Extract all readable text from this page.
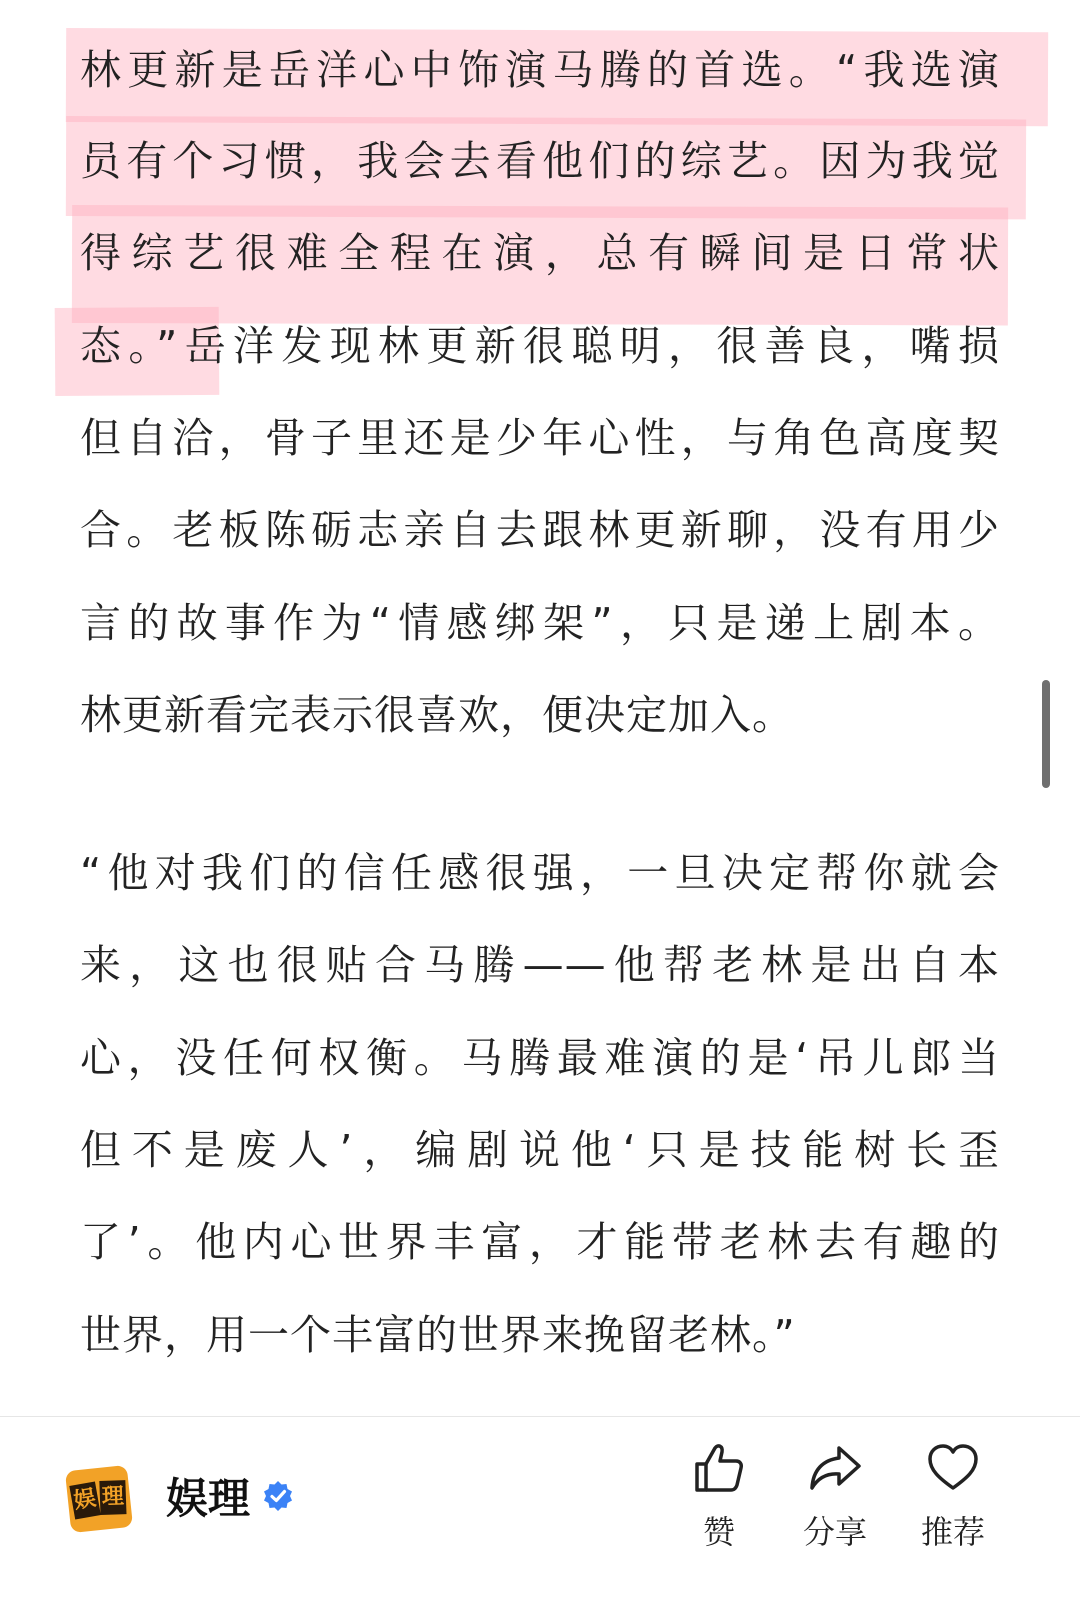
林更新是岳洋心中饰演马腾的首选。“我选演
员有个习惯，我会去看他们的综艺。因为我觉
得综艺很难全程在演，总有瞬间是日常状
态。”岳洋发现林更新很聪明，很善良，嘴损
但自洽，骨子里还是少年心性，与角色高度契
合。老板陈砺志亲自去跟林更新聊，没有用少
言的故事作为“情感绑架”，只是递上剧本。
林更新看完表示很喜欢，便决定加入。
“他对我们的信任感很强，一旦决定帮你就会
来，这也很贴合马腾——他帮老林是出自本
心，没任何权衡。马腾最难演的是‘吊儿郎当
但不是废人’，编剧说他‘只是技能树长歪
了’。他内心世界丰富，才能带老林去有趣的
世界，用一个丰富的世界来挽留老林。”
娱 理 娱理
赞	分享	推荐
